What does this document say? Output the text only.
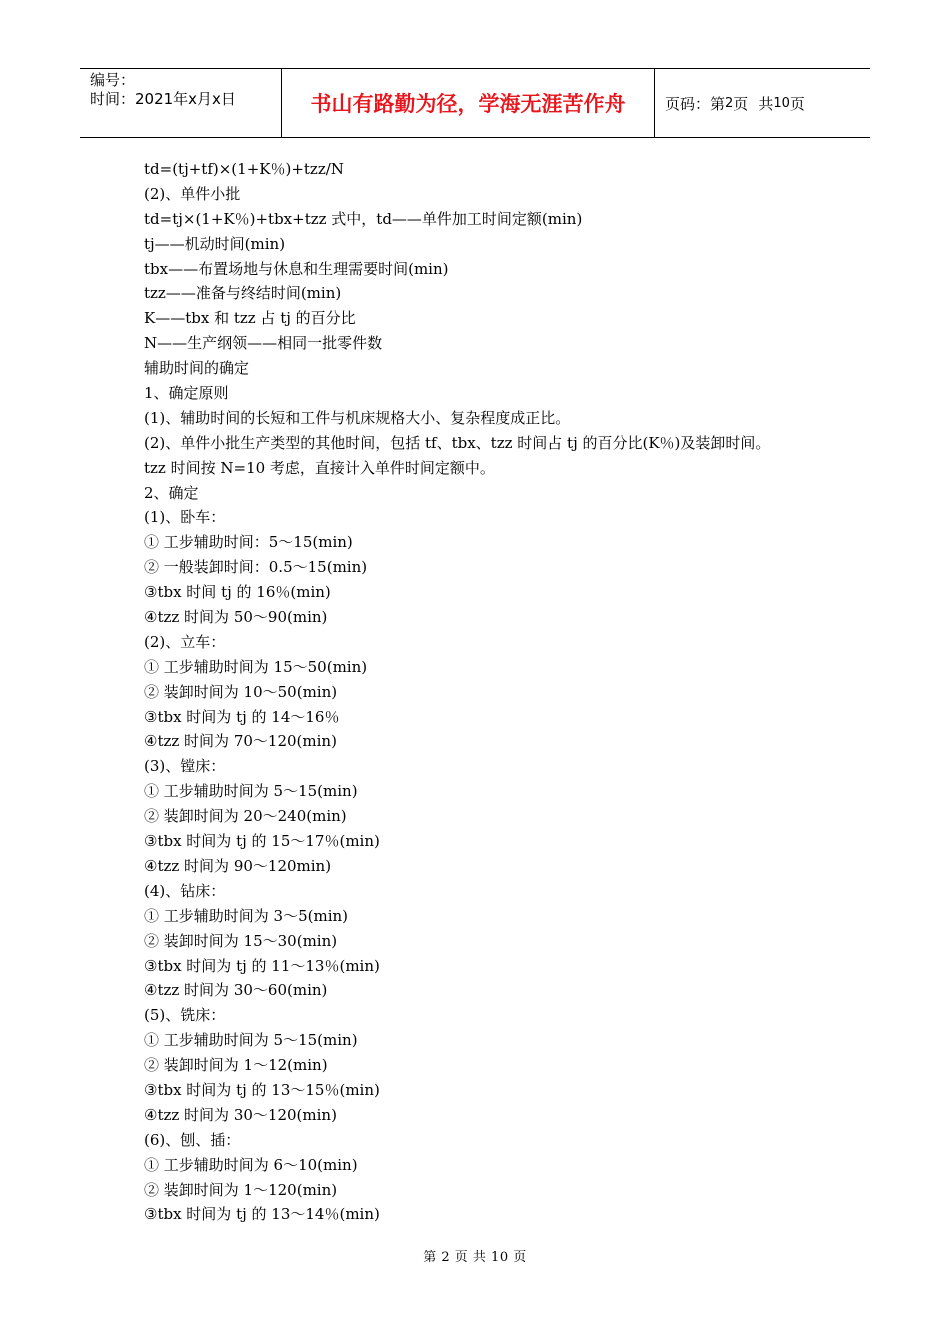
编号：
时间：2021年x月x日	书山有路勤为径，学海无涯苦作舟	页码：第 2 页 共 10 页
td=(tj+tf)×(1+K％)+tzz/N
(2)、单件小批
td=tj×(1+K％)+tbx+tzz 式中，td——单件加工时间定额(min)
tj——机动时间(min)
tbx——布置场地与休息和生理需要时间(min)
tzz——准备与终结时间(min)
K——tbx 和 tzz 占 tj 的百分比
N——生产纲领——相同一批零件数
辅助时间的确定
1、确定原则
(1)、辅助时间的长短和工件与机床规格大小、复杂程度成正比。
(2)、单件小批生产类型的其他时间，包括 tf、tbx、tzz 时间占 tj 的百分比(K％)及装卸时间。
tzz 时间按 N=10 考虑，直接计入单件时间定额中。
2、确定
(1)、卧车：
① 工步辅助时间：5～15(min)
② 一般装卸时间：0.5～15(min)
③tbx 时间 tj 的 16％(min)
④tzz 时间为 50～90(min)
(2)、立车：
① 工步辅助时间为 15～50(min)
② 装卸时间为 10～50(min)
③tbx 时间为 tj 的 14～16％
④tzz 时间为 70～120(min)
(3)、镗床：
① 工步辅助时间为 5～15(min)
② 装卸时间为 20～240(min)
③tbx 时间为 tj 的 15～17％(min)
④tzz 时间为 90～120min)
(4)、钻床：
① 工步辅助时间为 3～5(min)
② 装卸时间为 15～30(min)
③tbx 时间为 tj 的 11～13％(min)
④tzz 时间为 30～60(min)
(5)、铣床：
① 工步辅助时间为 5～15(min)
② 装卸时间为 1～12(min)
③tbx 时间为 tj 的 13～15％(min)
④tzz 时间为 30～120(min)
(6)、刨、插：
① 工步辅助时间为 6～10(min)
② 装卸时间为 1～120(min)
③tbx 时间为 tj 的 13～14％(min)
第 2 页 共 10 页
